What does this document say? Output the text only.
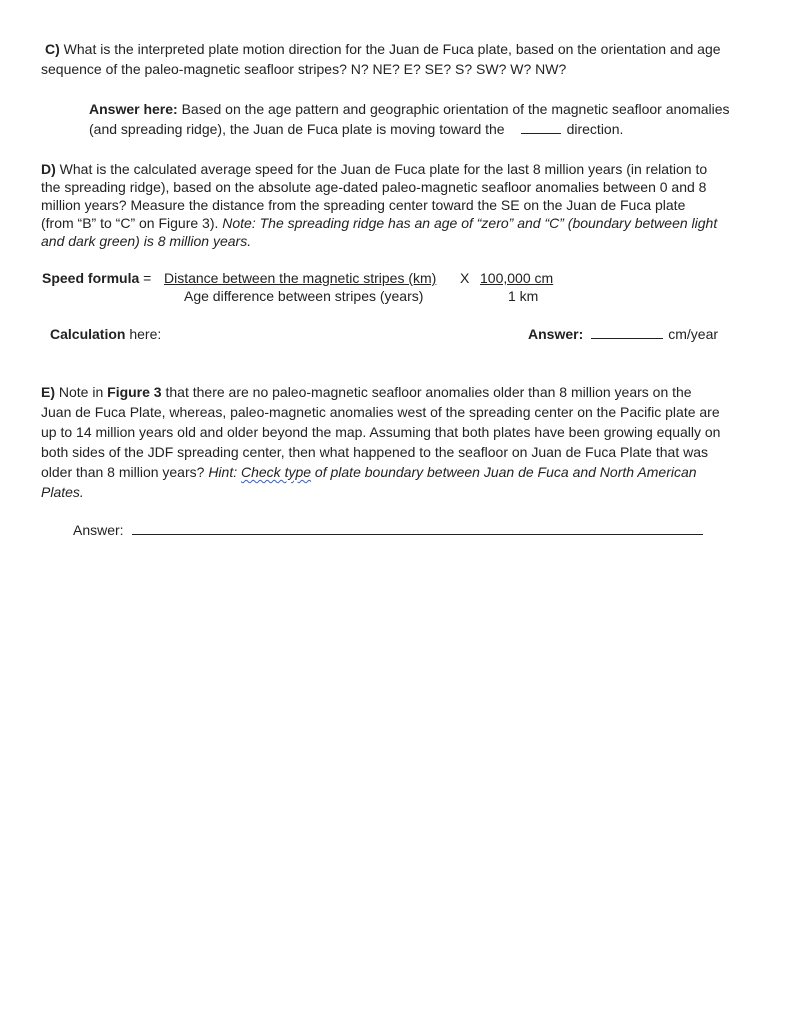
C) What is the interpreted plate motion direction for the Juan de Fuca plate, based on the orientation and age
sequence of the paleo-magnetic seafloor stripes? N? NE? E? SE? S? SW? W? NW?
Answer here: Based on the age pattern and geographic orientation of the magnetic seafloor anomalies
(and spreading ridge), the Juan de Fuca plate is moving toward the	direction.
D) What is the calculated average speed for the Juan de Fuca plate for the last 8 million years (in relation to
the spreading ridge), based on the absolute age-dated paleo-magnetic seafloor anomalies between 0 and 8
million years? Measure the distance from the spreading center toward the SE on the Juan de Fuca plate
(from “B” to “C” on Figure 3). Note: The spreading ridge has an age of “zero” and “C” (boundary between light
and dark green) is 8 million years.
Speed formula = Distance between the magnetic stripes (km) X 100,000 cm
Age difference between stripes (years)	1 km
Calculation here:	Answer:	cm/year
E) Note in Figure 3 that there are no paleo-magnetic seafloor anomalies older than 8 million years on the
Juan de Fuca Plate, whereas, paleo-magnetic anomalies west of the spreading center on the Pacific plate are
up to 14 million years old and older beyond the map. Assuming that both plates have been growing equally on
both sides of the JDF spreading center, then what happened to the seafloor on Juan de Fuca Plate that was
older than 8 million years? Hint: Check type of plate boundary between Juan de Fuca and North American
Plates.
Answer:
